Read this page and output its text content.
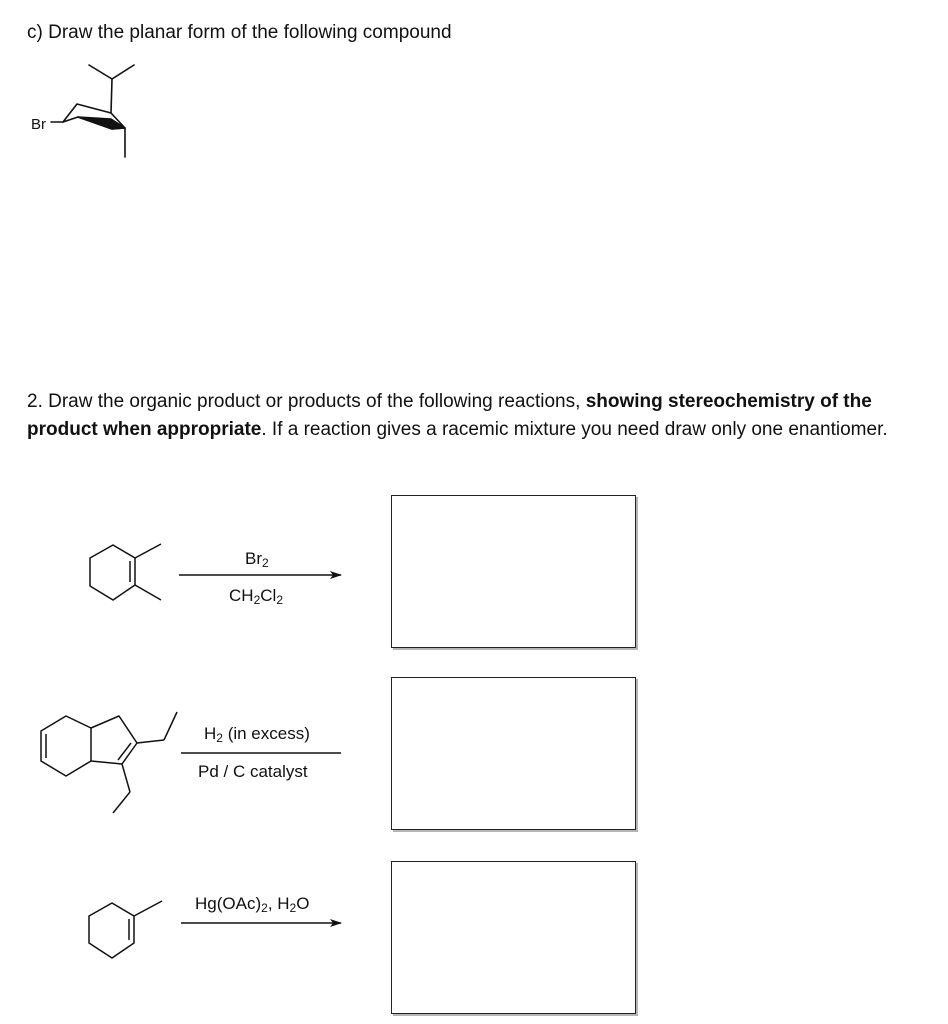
c) Draw the planar form of the following compound
Br
2. Draw the organic product or products of the following reactions, showing stereochemistry of the product when appropriate. If a reaction gives a racemic mixture you need draw only one enantiomer.
$Br_2$
$CH_2Cl_2$
$H_2$ (in excess)
Pd / C catalyst
$Hg(OAc)_2$, $H_2O$
